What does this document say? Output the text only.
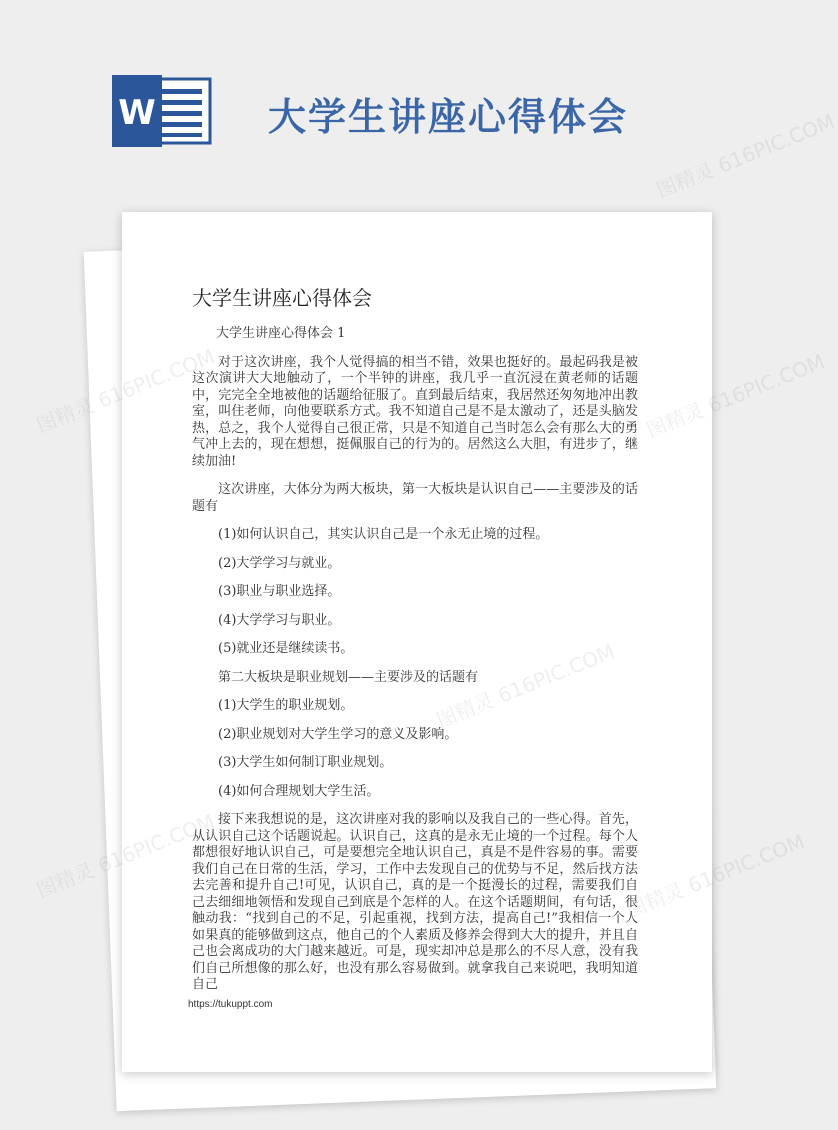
W	大学生讲座心得体会
大学生讲座心得体会

大学生讲座心得体会 1

对于这次讲座，我个人觉得搞的相当不错，效果也挺好的。最起码我是被这次演讲大大地触动了，一个半钟的讲座，我几乎一直沉浸在黄老师的话题中，完完全全地被他的话题给征服了。直到最后结束，我居然还匆匆地冲出教室，叫住老师，向他要联系方式。我不知道自己是不是太激动了，还是头脑发热，总之，我个人觉得自己很正常，只是不知道自己当时怎么会有那么大的勇气冲上去的，现在想想，挺佩服自己的行为的。居然这么大胆，有进步了，继续加油!

这次讲座，大体分为两大板块，第一大板块是认识自己——主要涉及的话题有

(1)如何认识自己，其实认识自己是一个永无止境的过程。

(2)大学学习与就业。

(3)职业与职业选择。

(4)大学学习与职业。

(5)就业还是继续读书。

第二大板块是职业规划——主要涉及的话题有

(1)大学生的职业规划。

(2)职业规划对大学生学习的意义及影响。

(3)大学生如何制订职业规划。

(4)如何合理规划大学生活。

接下来我想说的是，这次讲座对我的影响以及我自己的一些心得。首先，从认识自己这个话题说起。认识自己，这真的是永无止境的一个过程。每个人都想很好地认识自己，可是要想完全地认识自己，真是不是件容易的事。需要我们自己在日常的生活，学习，工作中去发现自己的优势与不足，然后找方法去完善和提升自己!可见，认识自己，真的是一个挺漫长的过程，需要我们自己去细细地领悟和发现自己到底是个怎样的人。在这个话题期间，有句话，很触动我：“找到自己的不足，引起重视，找到方法，提高自己!”我相信一个人如果真的能够做到这点，他自己的个人素质及修养会得到大大的提升，并且自己也会离成功的大门越来越近。可是，现实却冲总是那么的不尽人意，没有我们自己所想像的那么好，也没有那么容易做到。就拿我自己来说吧，我明知道自己

https://tukuppt.com
图精灵 616PIC.COM
图精灵	图精灵 616PIC.COM
图精灵	图精灵 616PIC.COM
